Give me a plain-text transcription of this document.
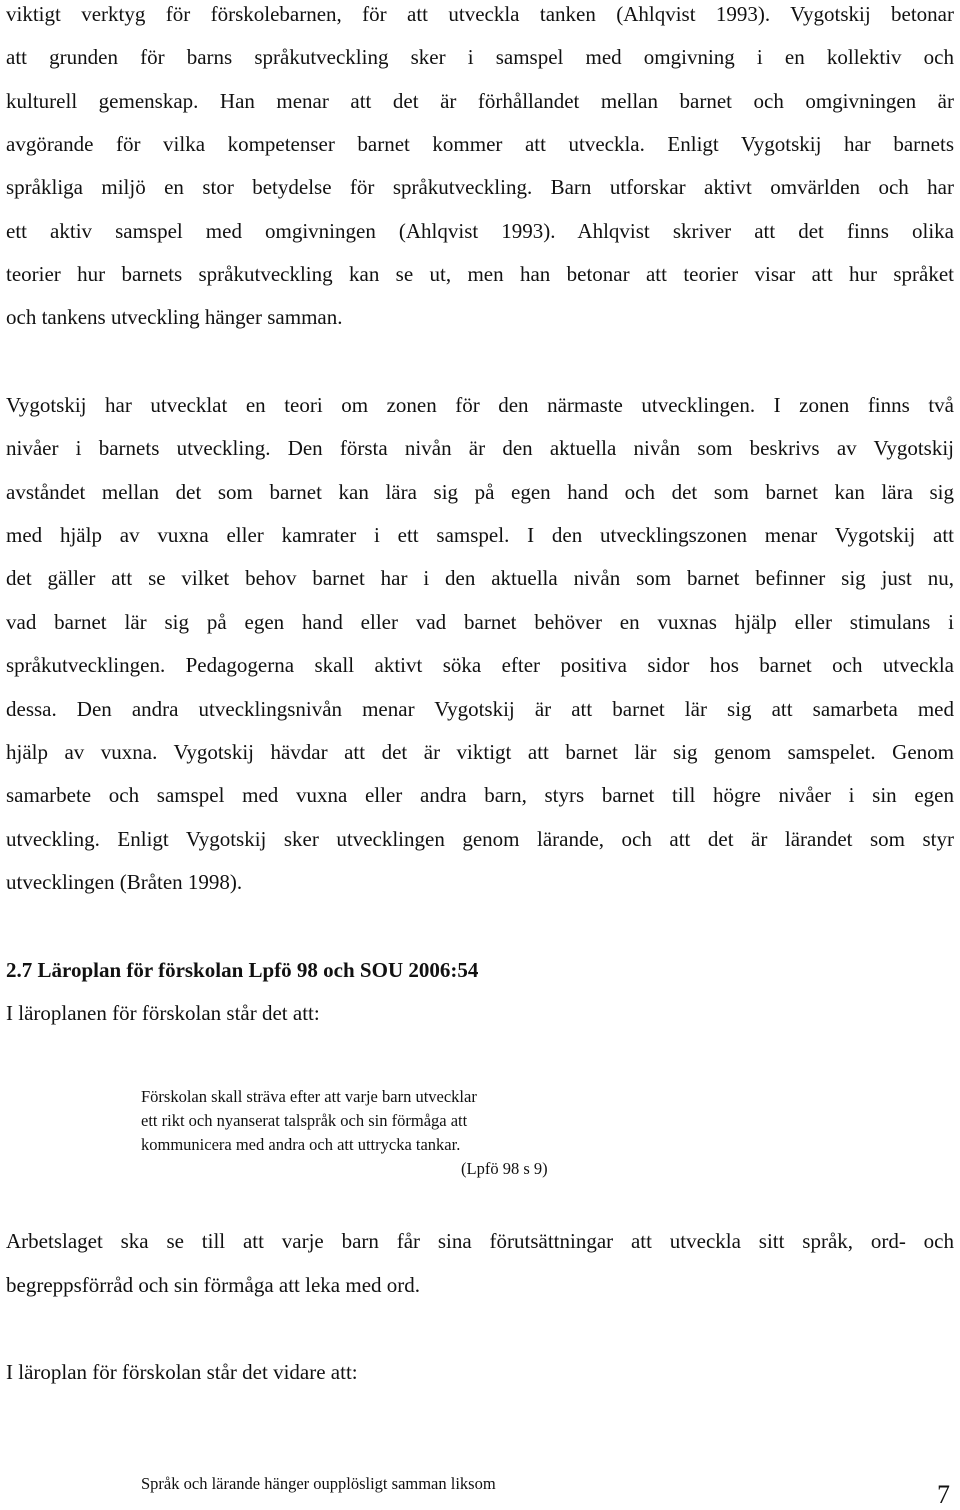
viktigt verktyg för förskolebarnen, för att utveckla tanken (Ahlqvist 1993). Vygotskij betonar
att grunden för barns språkutveckling sker i samspel med omgivning i en kollektiv och
kulturell gemenskap. Han menar att det är förhållandet mellan barnet och omgivningen är
avgörande för vilka kompetenser barnet kommer att utveckla. Enligt Vygotskij har barnets
språkliga miljö en stor betydelse för språkutveckling. Barn utforskar aktivt omvärlden och har
ett aktiv samspel med omgivningen (Ahlqvist 1993). Ahlqvist skriver att det finns olika
teorier hur barnets språkutveckling kan se ut, men han betonar att teorier visar att hur språket
och tankens utveckling hänger samman.
Vygotskij har utvecklat en teori om zonen för den närmaste utvecklingen. I zonen finns två
nivåer i barnets utveckling. Den första nivån är den aktuella nivån som beskrivs av Vygotskij
avståndet mellan det som barnet kan lära sig på egen hand och det som barnet kan lära sig
med hjälp av vuxna eller kamrater i ett samspel. I den utvecklingszonen menar Vygotskij att
det gäller att se vilket behov barnet har i den aktuella nivån som barnet befinner sig just nu,
vad barnet lär sig på egen hand eller vad barnet behöver en vuxnas hjälp eller stimulans i
språkutvecklingen. Pedagogerna skall aktivt söka efter positiva sidor hos barnet och utveckla
dessa. Den andra utvecklingsnivån menar Vygotskij är att barnet lär sig att samarbeta med
hjälp av vuxna. Vygotskij hävdar att det är viktigt att barnet lär sig genom samspelet. Genom
samarbete och samspel med vuxna eller andra barn, styrs barnet till högre nivåer i sin egen
utveckling. Enligt Vygotskij sker utvecklingen genom lärande, och att det är lärandet som styr
utvecklingen (Bråten 1998).
2.7 Läroplan för förskolan Lpfö 98 och SOU 2006:54
I läroplanen för förskolan står det att:
Förskolan skall sträva efter att varje barn utvecklar
ett rikt och nyanserat talspråk och sin förmåga att
kommunicera med andra och att uttrycka tankar.
(Lpfö 98 s 9)
Arbetslaget ska se till att varje barn får sina förutsättningar att utveckla sitt språk, ord- och
begreppsförråd och sin förmåga att leka med ord.
I läroplan för förskolan står det vidare att:
Språk och lärande hänger oupplösligt samman liksom	7
